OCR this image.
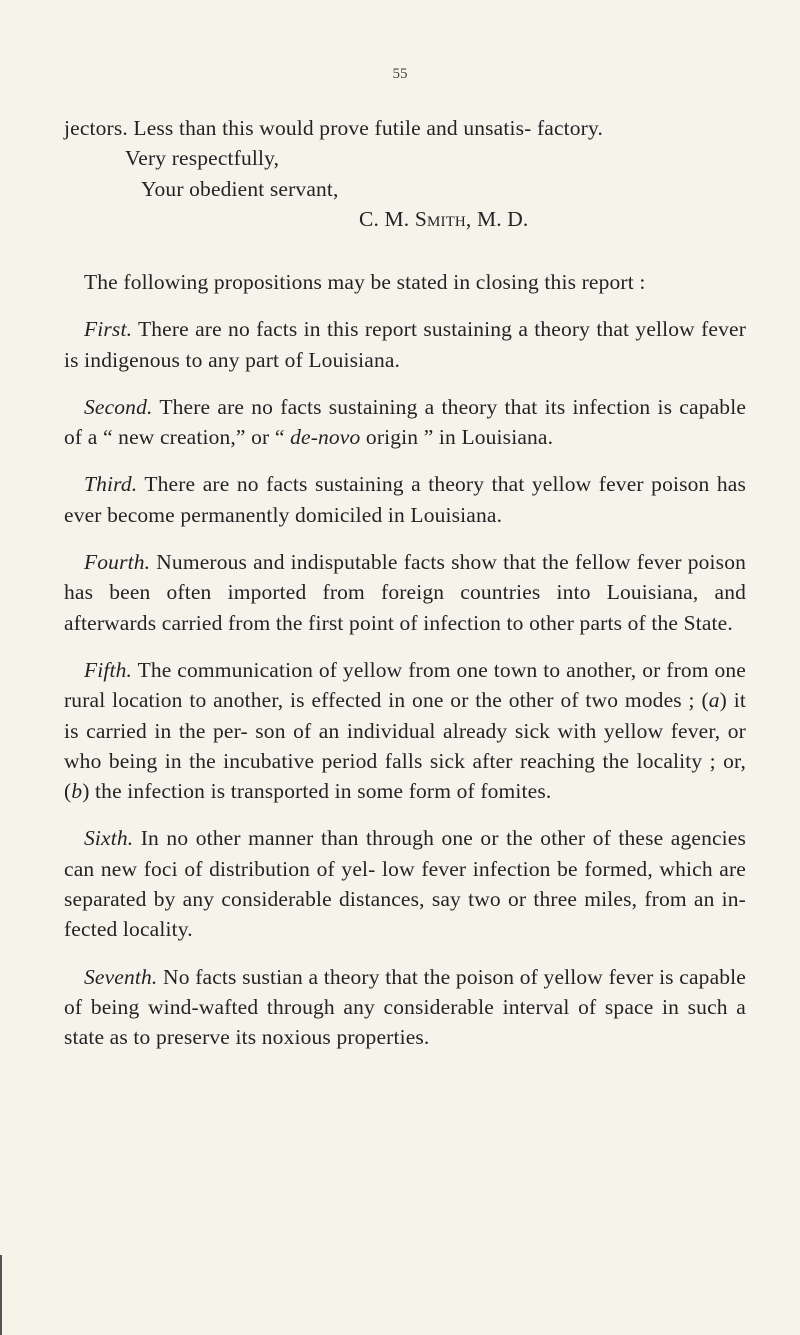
55

jectors. Less than this would prove futile and unsatis- factory.

Very respectfully,
Your obedient servant,
C. M. Smith, M. D.

The following propositions may be stated in closing this report :

First. There are no facts in this report sustaining a theory that yellow fever is indigenous to any part of Louisiana.

Second. There are no facts sustaining a theory that its infection is capable of a “ new creation,” or “ de-novo origin ” in Louisiana.

Third. There are no facts sustaining a theory that yellow fever poison has ever become permanently domiciled in Louisiana.

Fourth. Numerous and indisputable facts show that the fellow fever poison has been often imported from foreign countries into Louisiana, and afterwards carried from the first point of infection to other parts of the State.

Fifth. The communication of yellow from one town to another, or from one rural location to another, is effected in one or the other of two modes ; (a) it is carried in the per- son of an individual already sick with yellow fever, or who being in the incubative period falls sick after reaching the locality ; or, (b) the infection is transported in some form of fomites.

Sixth. In no other manner than through one or the other of these agencies can new foci of distribution of yel- low fever infection be formed, which are separated by any considerable distances, say two or three miles, from an in- fected locality.

Seventh. No facts sustian a theory that the poison of yellow fever is capable of being wind-wafted through any considerable interval of space in such a state as to preserve its noxious properties.
